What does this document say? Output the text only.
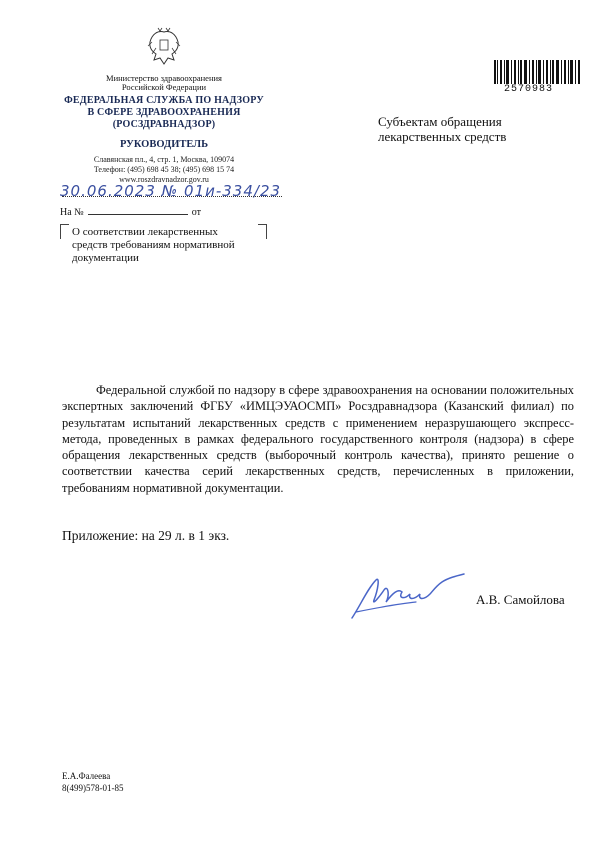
Министерство здравоохранения
Российской Федерации
ФЕДЕРАЛЬНАЯ СЛУЖБА ПО НАДЗОРУ
В СФЕРЕ ЗДРАВООХРАНЕНИЯ
(РОСЗДРАВНАДЗОР)
РУКОВОДИТЕЛЬ
Славянская пл., 4, стр. 1, Москва, 109074
Телефон: (495) 698 45 38; (495) 698 15 74
www.roszdravnadzor.gov.ru
30.06.2023 № 01и-334/23
На №	от
О соответствии лекарственных средств требованиям нормативной документации
2570983
Субъектам обращения лекарственных средств
Федеральной службой по надзору в сфере здравоохранения на основании положительных экспертных заключений ФГБУ «ИМЦЭУАОСМП» Росздравнадзора (Казанский филиал) по результатам испытаний лекарственных средств с применением неразрушающего экспресс-метода, проведенных в рамках федерального государственного контроля (надзора) в сфере обращения лекарственных средств (выборочный контроль качества), принято решение о соответствии качества серий лекарственных средств, перечисленных в приложении, требованиям нормативной документации.
Приложение: на 29 л. в 1 экз.
А.В. Самойлова
Е.А.Фалеева
8(499)578-01-85
